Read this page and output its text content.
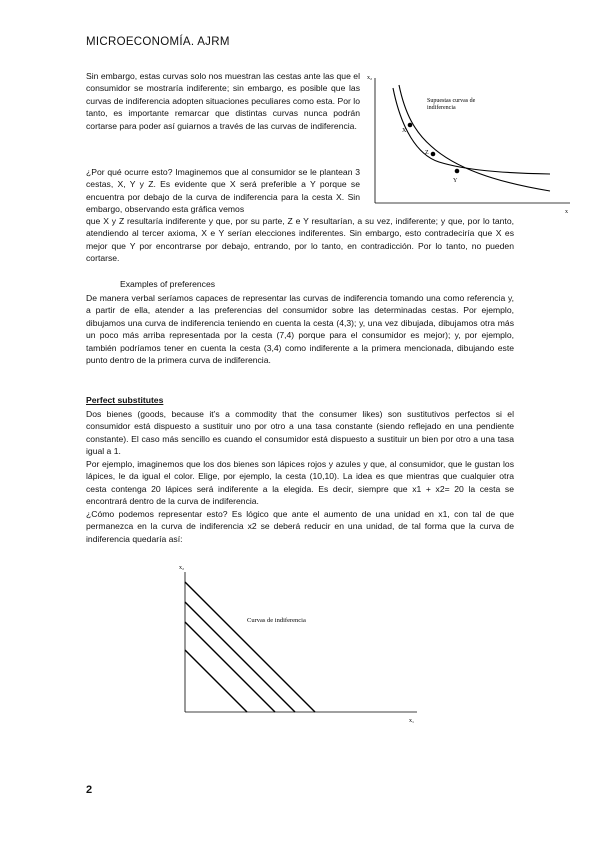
MICROECONOMÍA. AJRM

Sin embargo, estas curvas solo nos muestran las cestas ante las que el consumidor se mostraría indiferente; sin embargo, es posible que las curvas de indiferencia adopten situaciones peculiares como esta. Por lo tanto, es importante remarcar que distintas curvas nunca podrán cortarse para poder así guiarnos a través de las curvas de indiferencia.

x₂
x
X
Z
Y
Supuestas curvas de
indiferencia

¿Por qué ocurre esto? Imaginemos que al consumidor se le plantean 3 cestas, X, Y y Z. Es evidente que X será preferible a Y porque se encuentra por debajo de la curva de indiferencia para la cesta X. Sin embargo, observando esta gráfica vemos

que X y Z resultaría indiferente y que, por su parte, Z e Y resultarían, a su vez, indiferente; y que, por lo tanto, atendiendo al tercer axioma, X e Y serían elecciones indiferentes. Sin embargo, esto contradeciría que X es mejor que Y por encontrarse por debajo, entrando, por lo tanto, en contradicción. Por lo tanto, no pueden cortarse.

Examples of preferences

De manera verbal seríamos capaces de representar las curvas de indiferencia tomando una como referencia y, a partir de ella, atender a las preferencias del consumidor sobre las determinadas cestas. Por ejemplo, dibujamos una curva de indiferencia teniendo en cuenta la cesta (4,3); y, una vez dibujada, dibujamos otra más un poco más arriba representada por la cesta (7,4) porque para el consumidor es mejor); y, por ejemplo, también podríamos tener en cuenta la cesta (3,4) como indiferente a la primera mencionada, dibujando este punto dentro de la primera curva de indiferencia.

Perfect substitutes

Dos bienes (goods, because it’s a commodity that the consumer likes) son sustitutivos perfectos si el consumidor está dispuesto a sustituir uno por otro a una tasa constante (siendo reflejado en una pendiente constante). El caso más sencillo es cuando el consumidor está dispuesto a sustituir un bien por otro a una tasa igual a 1.

Por ejemplo, imaginemos que los dos bienes son lápices rojos y azules y que, al consumidor, que le gustan los lápices, le da igual el color. Elige, por ejemplo, la cesta (10,10). La idea es que mientras que cualquier otra cesta contenga 20 lápices será indiferente a la elegida. Es decir, siempre que x1 + x2= 20 la cesta se encontrará dentro de la curva de indiferencia.

¿Cómo podemos representar esto? Es lógico que ante el aumento de una unidad en x1, con tal de que permanezca en la curva de indiferencia x2 se deberá reducir en una unidad, de tal forma que la curva de indiferencia quedaría así:

x₂
x₁
Curvas de indiferencia
2
